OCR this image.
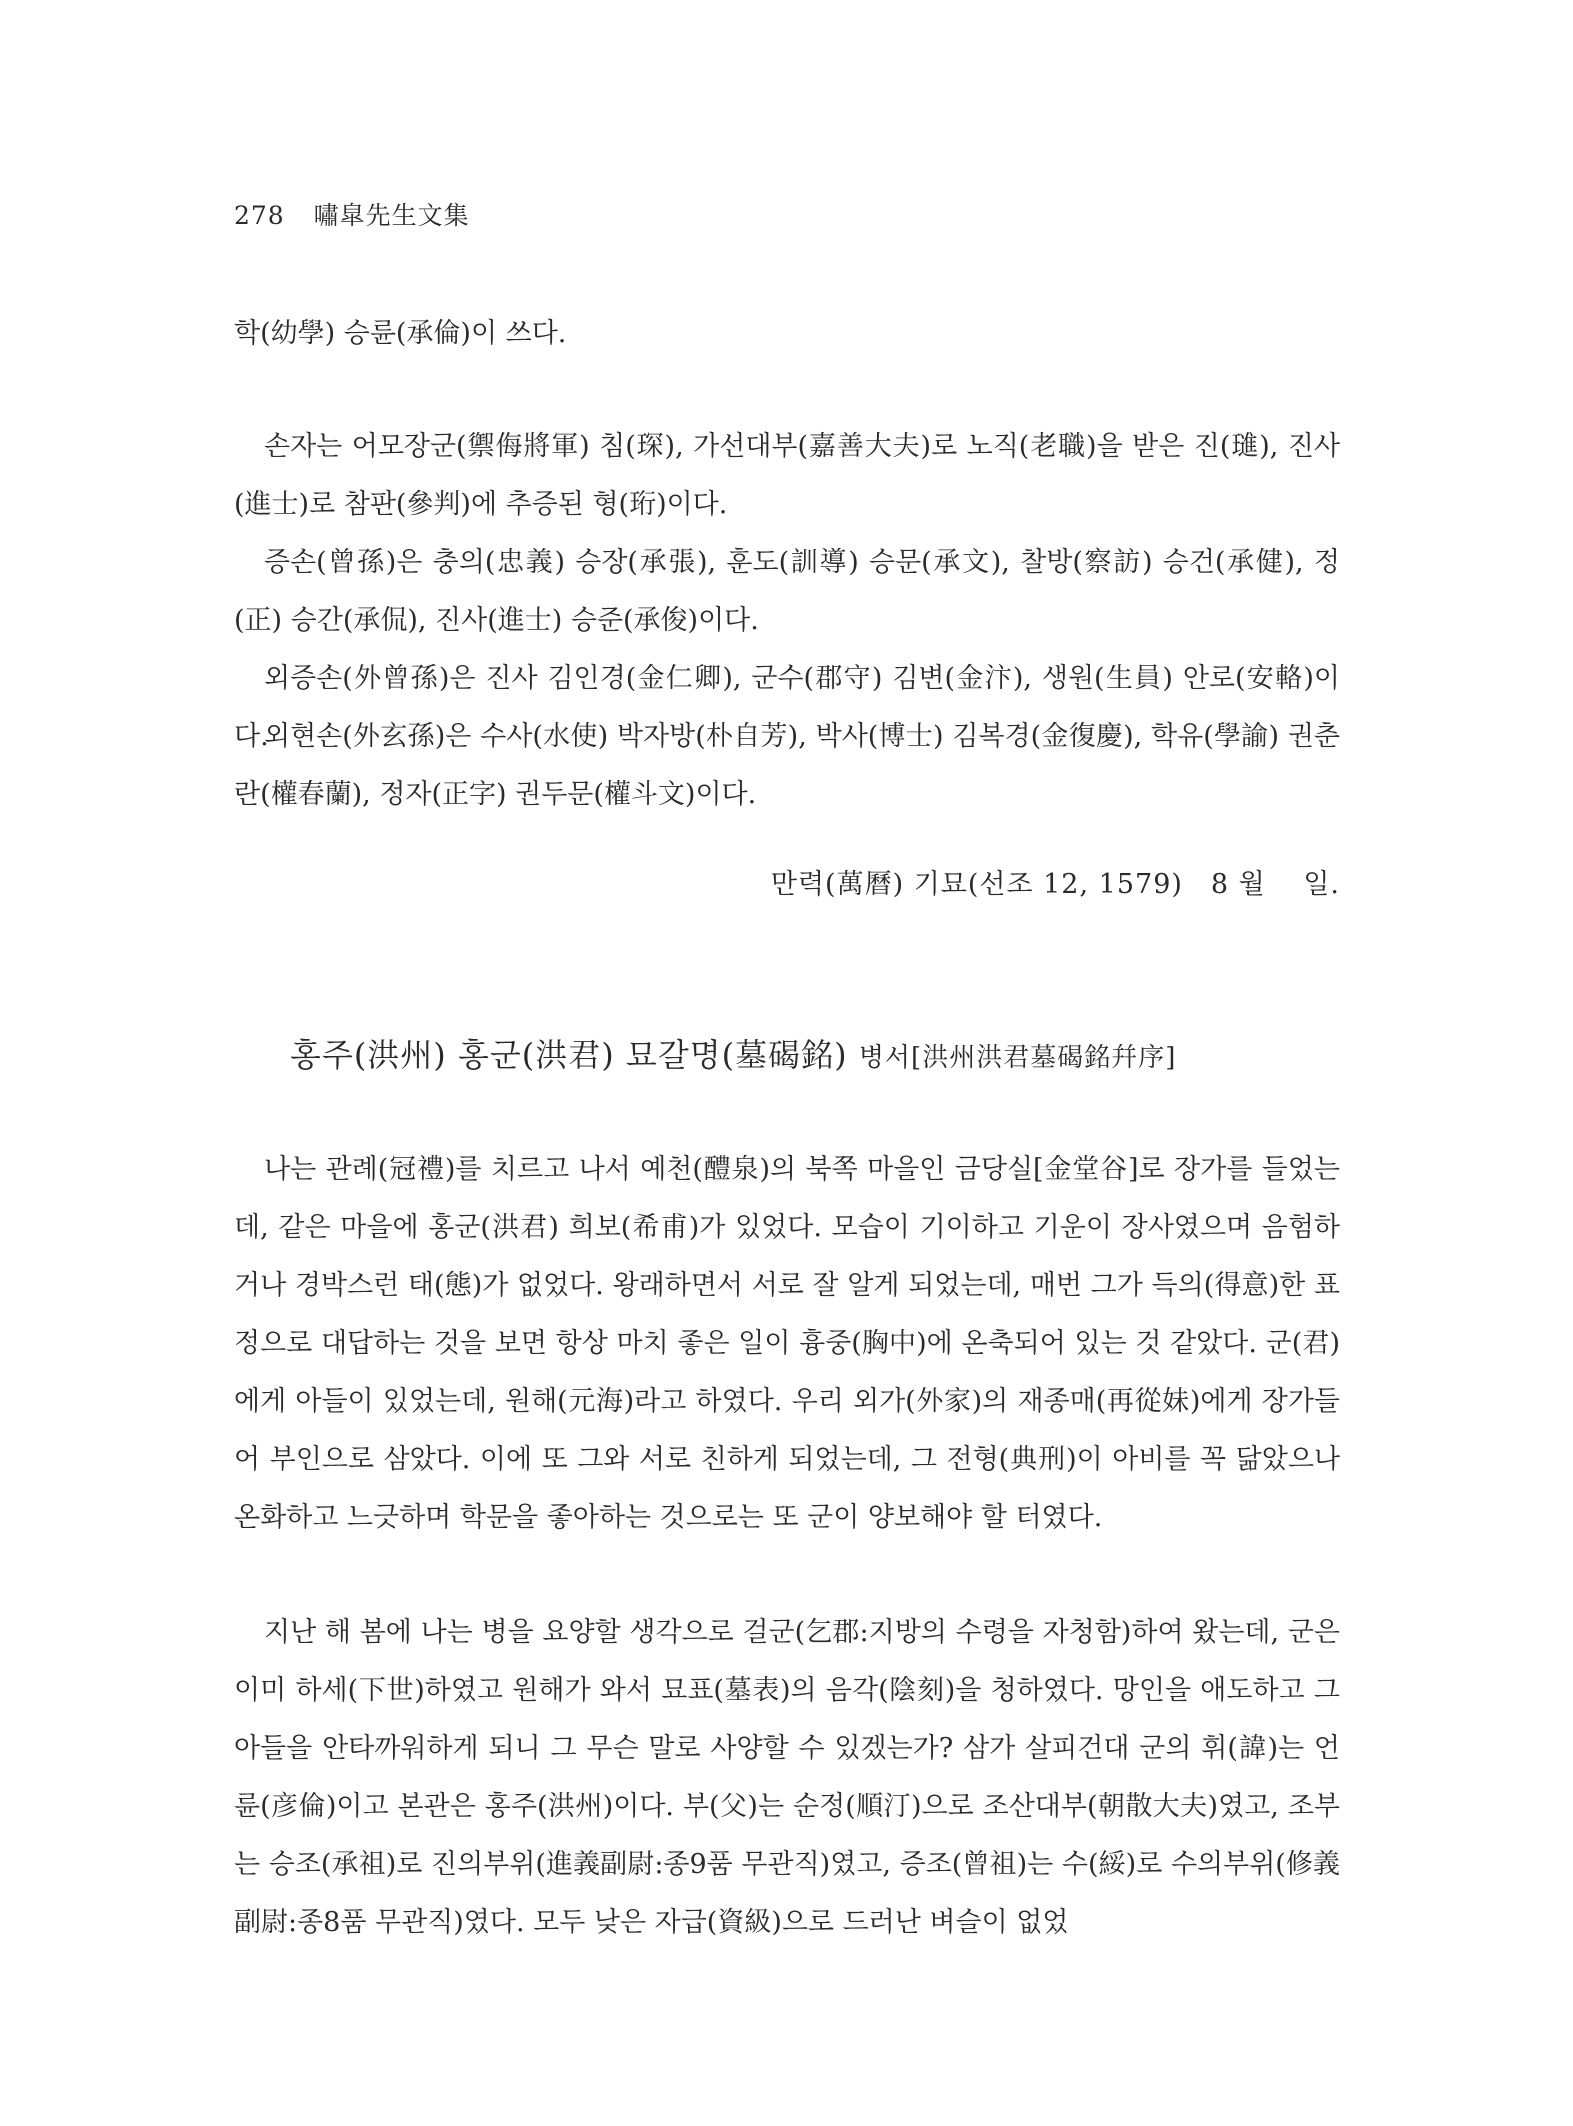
278 嘯皐先生文集

학(幼學) 승륜(承倫)이 쓰다.

손자는 어모장군(禦侮將軍) 침(琛), 가선대부(嘉善大夫)로 노직(老職)을 받은 진(璡), 진사(進士)로 참판(參判)에 추증된 형(珩)이다.

증손(曾孫)은 충의(忠義) 승장(承張), 훈도(訓導) 승문(承文), 찰방(察訪) 승건(承健), 정(正) 승간(承侃), 진사(進士) 승준(承俊)이다.

외증손(外曾孫)은 진사 김인경(金仁卿), 군수(郡守) 김변(金汴), 생원(生員) 안로(安輅)이다.

외현손(外玄孫)은 수사(水使) 박자방(朴自芳), 박사(博士) 김복경(金復慶), 학유(學諭) 권춘란(權春蘭), 정자(正字) 권두문(權斗文)이다.

만력(萬曆) 기묘(선조 12, 1579)　8 월　 일.
홍주(洪州) 홍군(洪君) 묘갈명(墓碣銘) 병서[洪州洪君墓碣銘幷序]

나는 관례(冠禮)를 치르고 나서 예천(醴泉)의 북쪽 마을인 금당실[金堂谷]로 장가를 들었는데, 같은 마을에 홍군(洪君) 희보(希甫)가 있었다. 모습이 기이하고 기운이 장사였으며 음험하거나 경박스런 태(態)가 없었다. 왕래하면서 서로 잘 알게 되었는데, 매번 그가 득의(得意)한 표정으로 대답하는 것을 보면 항상 마치 좋은 일이 흉중(胸中)에 온축되어 있는 것 같았다. 군(君)에게 아들이 있었는데, 원해(元海)라고 하였다. 우리 외가(外家)의 재종매(再從妹)에게 장가들어 부인으로 삼았다. 이에 또 그와 서로 친하게 되었는데, 그 전형(典刑)이 아비를 꼭 닮았으나 온화하고 느긋하며 학문을 좋아하는 것으로는 또 군이 양보해야 할 터였다.

지난 해 봄에 나는 병을 요양할 생각으로 걸군(乞郡:지방의 수령을 자청함)하여 왔는데, 군은 이미 하세(下世)하였고 원해가 와서 묘표(墓表)의 음각(陰刻)을 청하였다. 망인을 애도하고 그 아들을 안타까워하게 되니 그 무슨 말로 사양할 수 있겠는가? 삼가 살피건대 군의 휘(諱)는 언륜(彦倫)이고 본관은 홍주(洪州)이다. 부(父)는 순정(順汀)으로 조산대부(朝散大夫)였고, 조부는 승조(承祖)로 진의부위(進義副尉:종9품 무관직)였고, 증조(曾祖)는 수(綏)로 수의부위(修義副尉:종8품 무관직)였다. 모두 낮은 자급(資級)으로 드러난 벼슬이 없었
